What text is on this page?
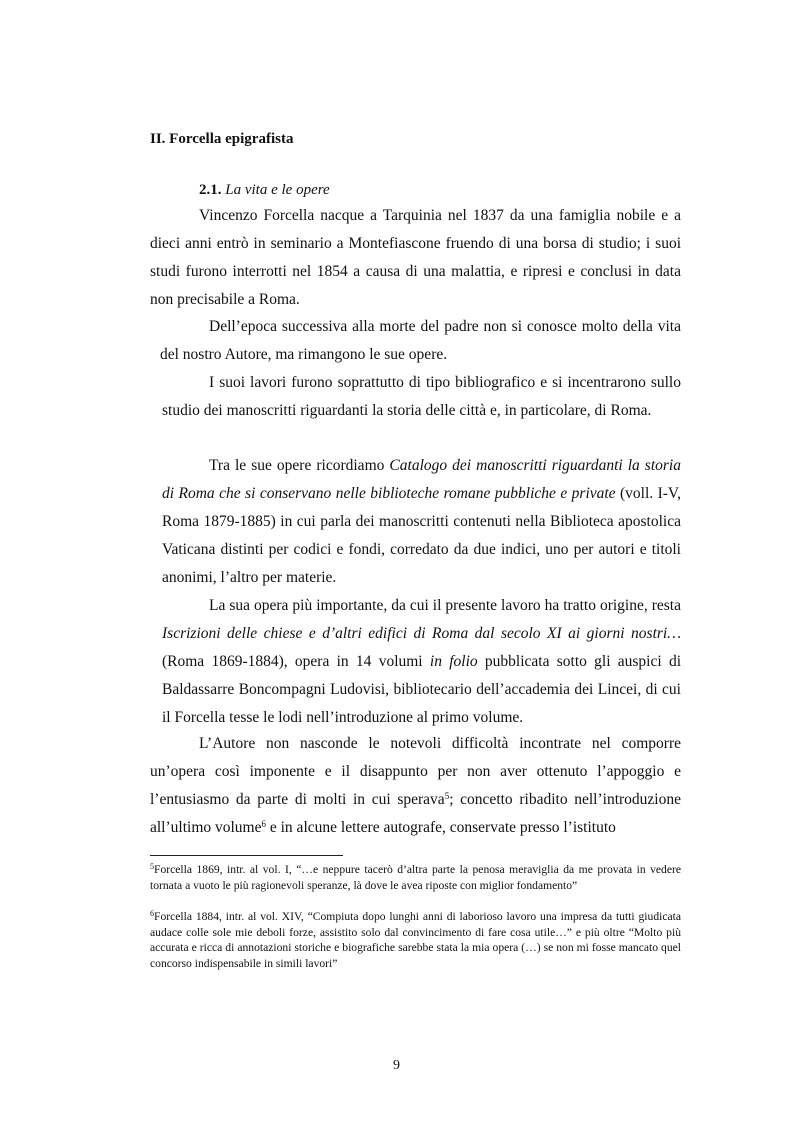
II. Forcella epigrafista
2.1. La vita e le opere

Vincenzo Forcella nacque a Tarquinia nel 1837 da una famiglia nobile e a dieci anni entrò in seminario a Montefiascone fruendo di una borsa di studio; i suoi studi furono interrotti nel 1854 a causa di una malattia, e ripresi e conclusi in data non precisabile a Roma.

Dell’epoca successiva alla morte del padre non si conosce molto della vita del nostro Autore, ma rimangono le sue opere.

I suoi lavori furono soprattutto di tipo bibliografico e si incentrarono sullo studio dei manoscritti riguardanti la storia delle città e, in particolare, di Roma.

Tra le sue opere ricordiamo Catalogo dei manoscritti riguardanti la storia di Roma che si conservano nelle biblioteche romane pubbliche e private (voll. I-V, Roma 1879-1885) in cui parla dei manoscritti contenuti nella Biblioteca apostolica Vaticana distinti per codici e fondi, corredato da due indici, uno per autori e titoli anonimi, l’altro per materie.

La sua opera più importante, da cui il presente lavoro ha tratto origine, resta Iscrizioni delle chiese e d’altri edifici di Roma dal secolo XI ai giorni nostri… (Roma 1869-1884), opera in 14 volumi in folio pubblicata sotto gli auspici di Baldassarre Boncompagni Ludovisi, bibliotecario dell’accademia dei Lincei, di cui il Forcella tesse le lodi nell’introduzione al primo volume.

L’Autore non nasconde le notevoli difficoltà incontrate nel comporre un’opera così imponente e il disappunto per non aver ottenuto l’appoggio e l’entusiasmo da parte di molti in cui sperava$^5$; concetto ribadito nell’introduzione all’ultimo volume$^6$ e in alcune lettere autografe, conservate presso l’istituto

$^5$Forcella 1869, intr. al vol. I, “…e neppure tacerò d’altra parte la penosa meraviglia da me provata in vedere tornata a vuoto le più ragionevoli speranze, là dove le avea riposte con miglior fondamento”

$^6$Forcella 1884, intr. al vol. XIV, “Compiuta dopo lunghi anni di laborioso lavoro una impresa da tutti giudicata audace colle sole mie deboli forze, assistito solo dal convincimento di fare cosa utile…” e più oltre “Molto più accurata e ricca di annotazioni storiche e biografiche sarebbe stata la mia opera (…) se non mi fosse mancato quel concorso indispensabile in simili lavori”

9
